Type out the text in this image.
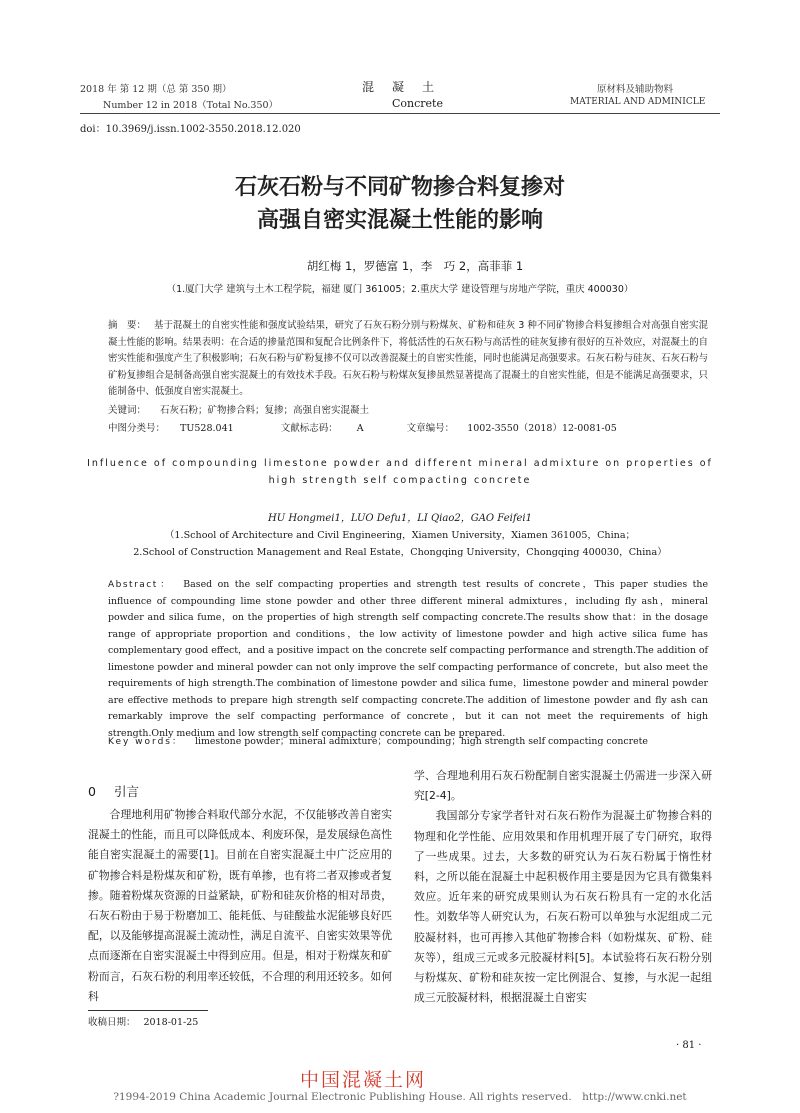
2018 年 第 12 期（总 第 350 期）
Number 12 in 2018（Total No.350）
混凝土
Concrete
原材料及辅助物料
MATERIAL AND ADMINICLE
doi：10.3969/j.issn.1002-3550.2018.12.020
石灰石粉与不同矿物掺合料复掺对
高强自密实混凝土性能的影响
胡红梅 1，罗德富 1，李　巧 2，高菲菲 1
（1.厦门大学 建筑与土木工程学院，福建 厦门 361005；2.重庆大学 建设管理与房地产学院，重庆 400030）
摘　要： 基于混凝土的自密实性能和强度试验结果，研究了石灰石粉分别与粉煤灰、矿粉和硅灰 3 种不同矿物掺合料复掺组合对高强自密实混凝土性能的影响。结果表明：在合适的掺量范围和复配合比例条件下，将低活性的石灰石粉与高活性的硅灰复掺有很好的互补效应，对混凝土的自密实性能和强度产生了积极影响；石灰石粉与矿粉复掺不仅可以改善混凝土的自密实性能，同时也能满足高强要求。石灰石粉与硅灰、石灰石粉与矿粉复掺组合是制备高强自密实混凝土的有效技术手段。石灰石粉与粉煤灰复掺虽然显著提高了混凝土的自密实性能，但是不能满足高强要求，只能制备中、低强度自密实混凝土。
关键词： 石灰石粉；矿物掺合料；复掺；高强自密实混凝土
中图分类号： TU528.041	文献标志码： A	文章编号： 1002-3550（2018）12-0081-05
Influence of compounding limestone powder and different mineral admixture on properties of
high strength self compacting concrete
HU Hongmei1，LUO Defu1，LI Qiao2，GAO Feifei1
（1.School of Architecture and Civil Engineering，Xiamen University，Xiamen 361005，China；
2.School of Construction Management and Real Estate，Chongqing University，Chongqing 400030，China）
Abstract： Based on the self compacting properties and strength test results of concrete，This paper studies the influence of compounding lime stone powder and other three different mineral admixtures，including fly ash，mineral powder and silica fume，on the properties of high strength self compacting concrete.The results show that：in the dosage range of appropriate proportion and conditions，the low activity of limestone powder and high active silica fume has complementary good effect，and a positive impact on the concrete self compacting performance and strength.The addition of limestone powder and mineral powder can not only improve the self compacting performance of concrete，but also meet the requirements of high strength.The combination of limestone powder and silica fume，limestone powder and mineral powder are effective methods to prepare high strength self compacting concrete.The addition of limestone powder and fly ash can remarkably improve the self compacting performance of concrete，but it can not meet the requirements of high strength.Only medium and low strength self compacting concrete can be prepared.
Key words： limestone powder；mineral admixture；compounding；high strength self compacting concrete
0 引言

合理地利用矿物掺合料取代部分水泥，不仅能够改善自密实混凝土的性能，而且可以降低成本、利废环保，是发展绿色高性能自密实混凝土的需要[1]。目前在自密实混凝土中广泛应用的矿物掺合料是粉煤灰和矿粉，既有单掺，也有将二者双掺或者复掺。随着粉煤灰资源的日益紧缺，矿粉和硅灰价格的相对昂贵，石灰石粉由于易于粉磨加工、能耗低、与硅酸盐水泥能够良好匹配，以及能够提高混凝土流动性，满足自流平、自密实效果等优点而逐渐在自密实混凝土中得到应用。但是，相对于粉煤灰和矿粉而言，石灰石粉的利用率还较低，不合理的利用还较多。如何科

收稿日期： 2018-01-25

学、合理地利用石灰石粉配制自密实混凝土仍需进一步深入研究[2-4]。

我国部分专家学者针对石灰石粉作为混凝土矿物掺合料的物理和化学性能、应用效果和作用机理开展了专门研究，取得了一些成果。过去，大多数的研究认为石灰石粉属于惰性材料，之所以能在混凝土中起积极作用主要是因为它具有微集料效应。近年来的研究成果则认为石灰石粉具有一定的水化活性。刘数华等人研究认为，石灰石粉可以单独与水泥组成二元胶凝材料，也可再掺入其他矿物掺合料（如粉煤灰、矿粉、硅灰等），组成三元或多元胶凝材料[5]。本试验将石灰石粉分别与粉煤灰、矿粉和硅灰按一定比例混合、复掺，与水泥一起组成三元胶凝材料，根据混凝土自密实

· 81 ·
中国混凝土网
?1994-2019 China Academic Journal Electronic Publishing House. All rights reserved.　http://www.cnki.net
